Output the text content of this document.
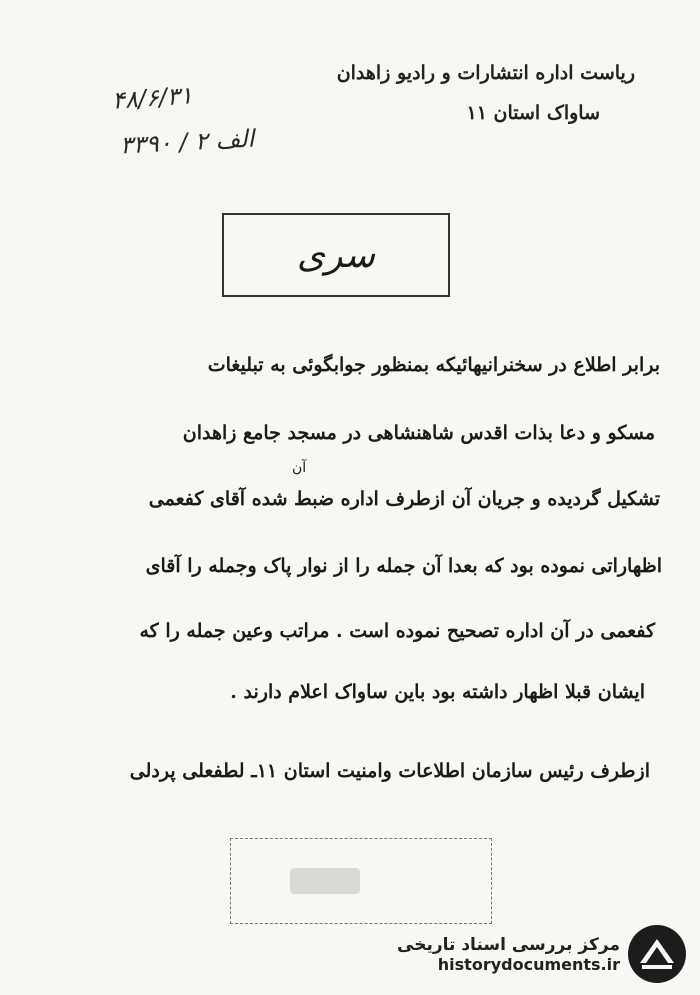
ریاست اداره انتشارات و رادیو زاهدان
ساواک استان ۱۱
۴۸/۶/۳۱
۳۳۹۰ / ۲ الف
سری
برابر اطلاع در سخنرانیهائیکه بمنظور جوابگوئی به تبلیغات
مسکو و دعا بذات اقدس شاهنشاهی در مسجد جامع زاهدان
آن
تشکیل گردیده و جریان آن ازطرف اداره ضبط شده آقای کفعمی
اظهاراتی نموده بود که بعدا آن جمله را از نوار پاک وجمله را آقای
کفعمی در آن اداره تصحیح نموده است . مراتب وعین جمله را که
ایشان قبلا اظهار داشته بود باین ساواک اعلام دارند .
ازطرف رئیس سازمان اطلاعات وامنیت استان ۱۱ـ لطفعلی پردلی
مرکز بررسی اسناد تاریخی
historydocuments.ir
